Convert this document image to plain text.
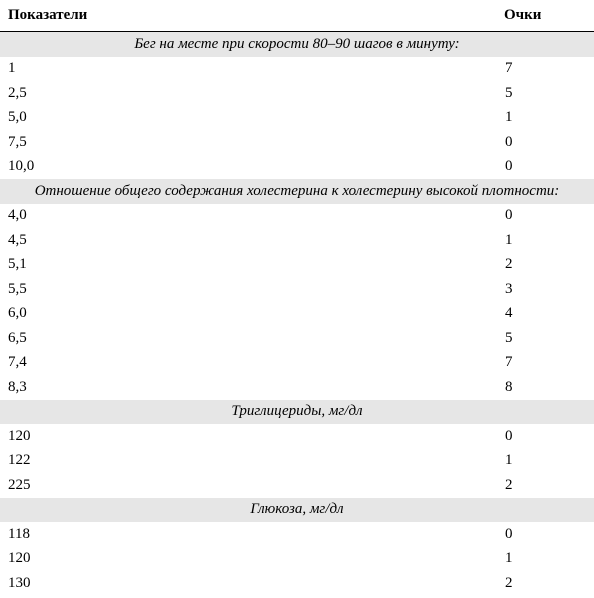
Показатели	Очки
Бег на месте при скорости 80–90 шагов в минуту:
1	7
2,5	5
5,0	1
7,5	0
10,0	0
Отношение общего содержания холестерина к холестерину высокой плотности:
4,0	0
4,5	1
5,1	2
5,5	3
6,0	4
6,5	5
7,4	7
8,3	8
Триглицериды, мг/дл
120	0
122	1
225	2
Глюкоза, мг/дл
118	0
120	1
130	2
